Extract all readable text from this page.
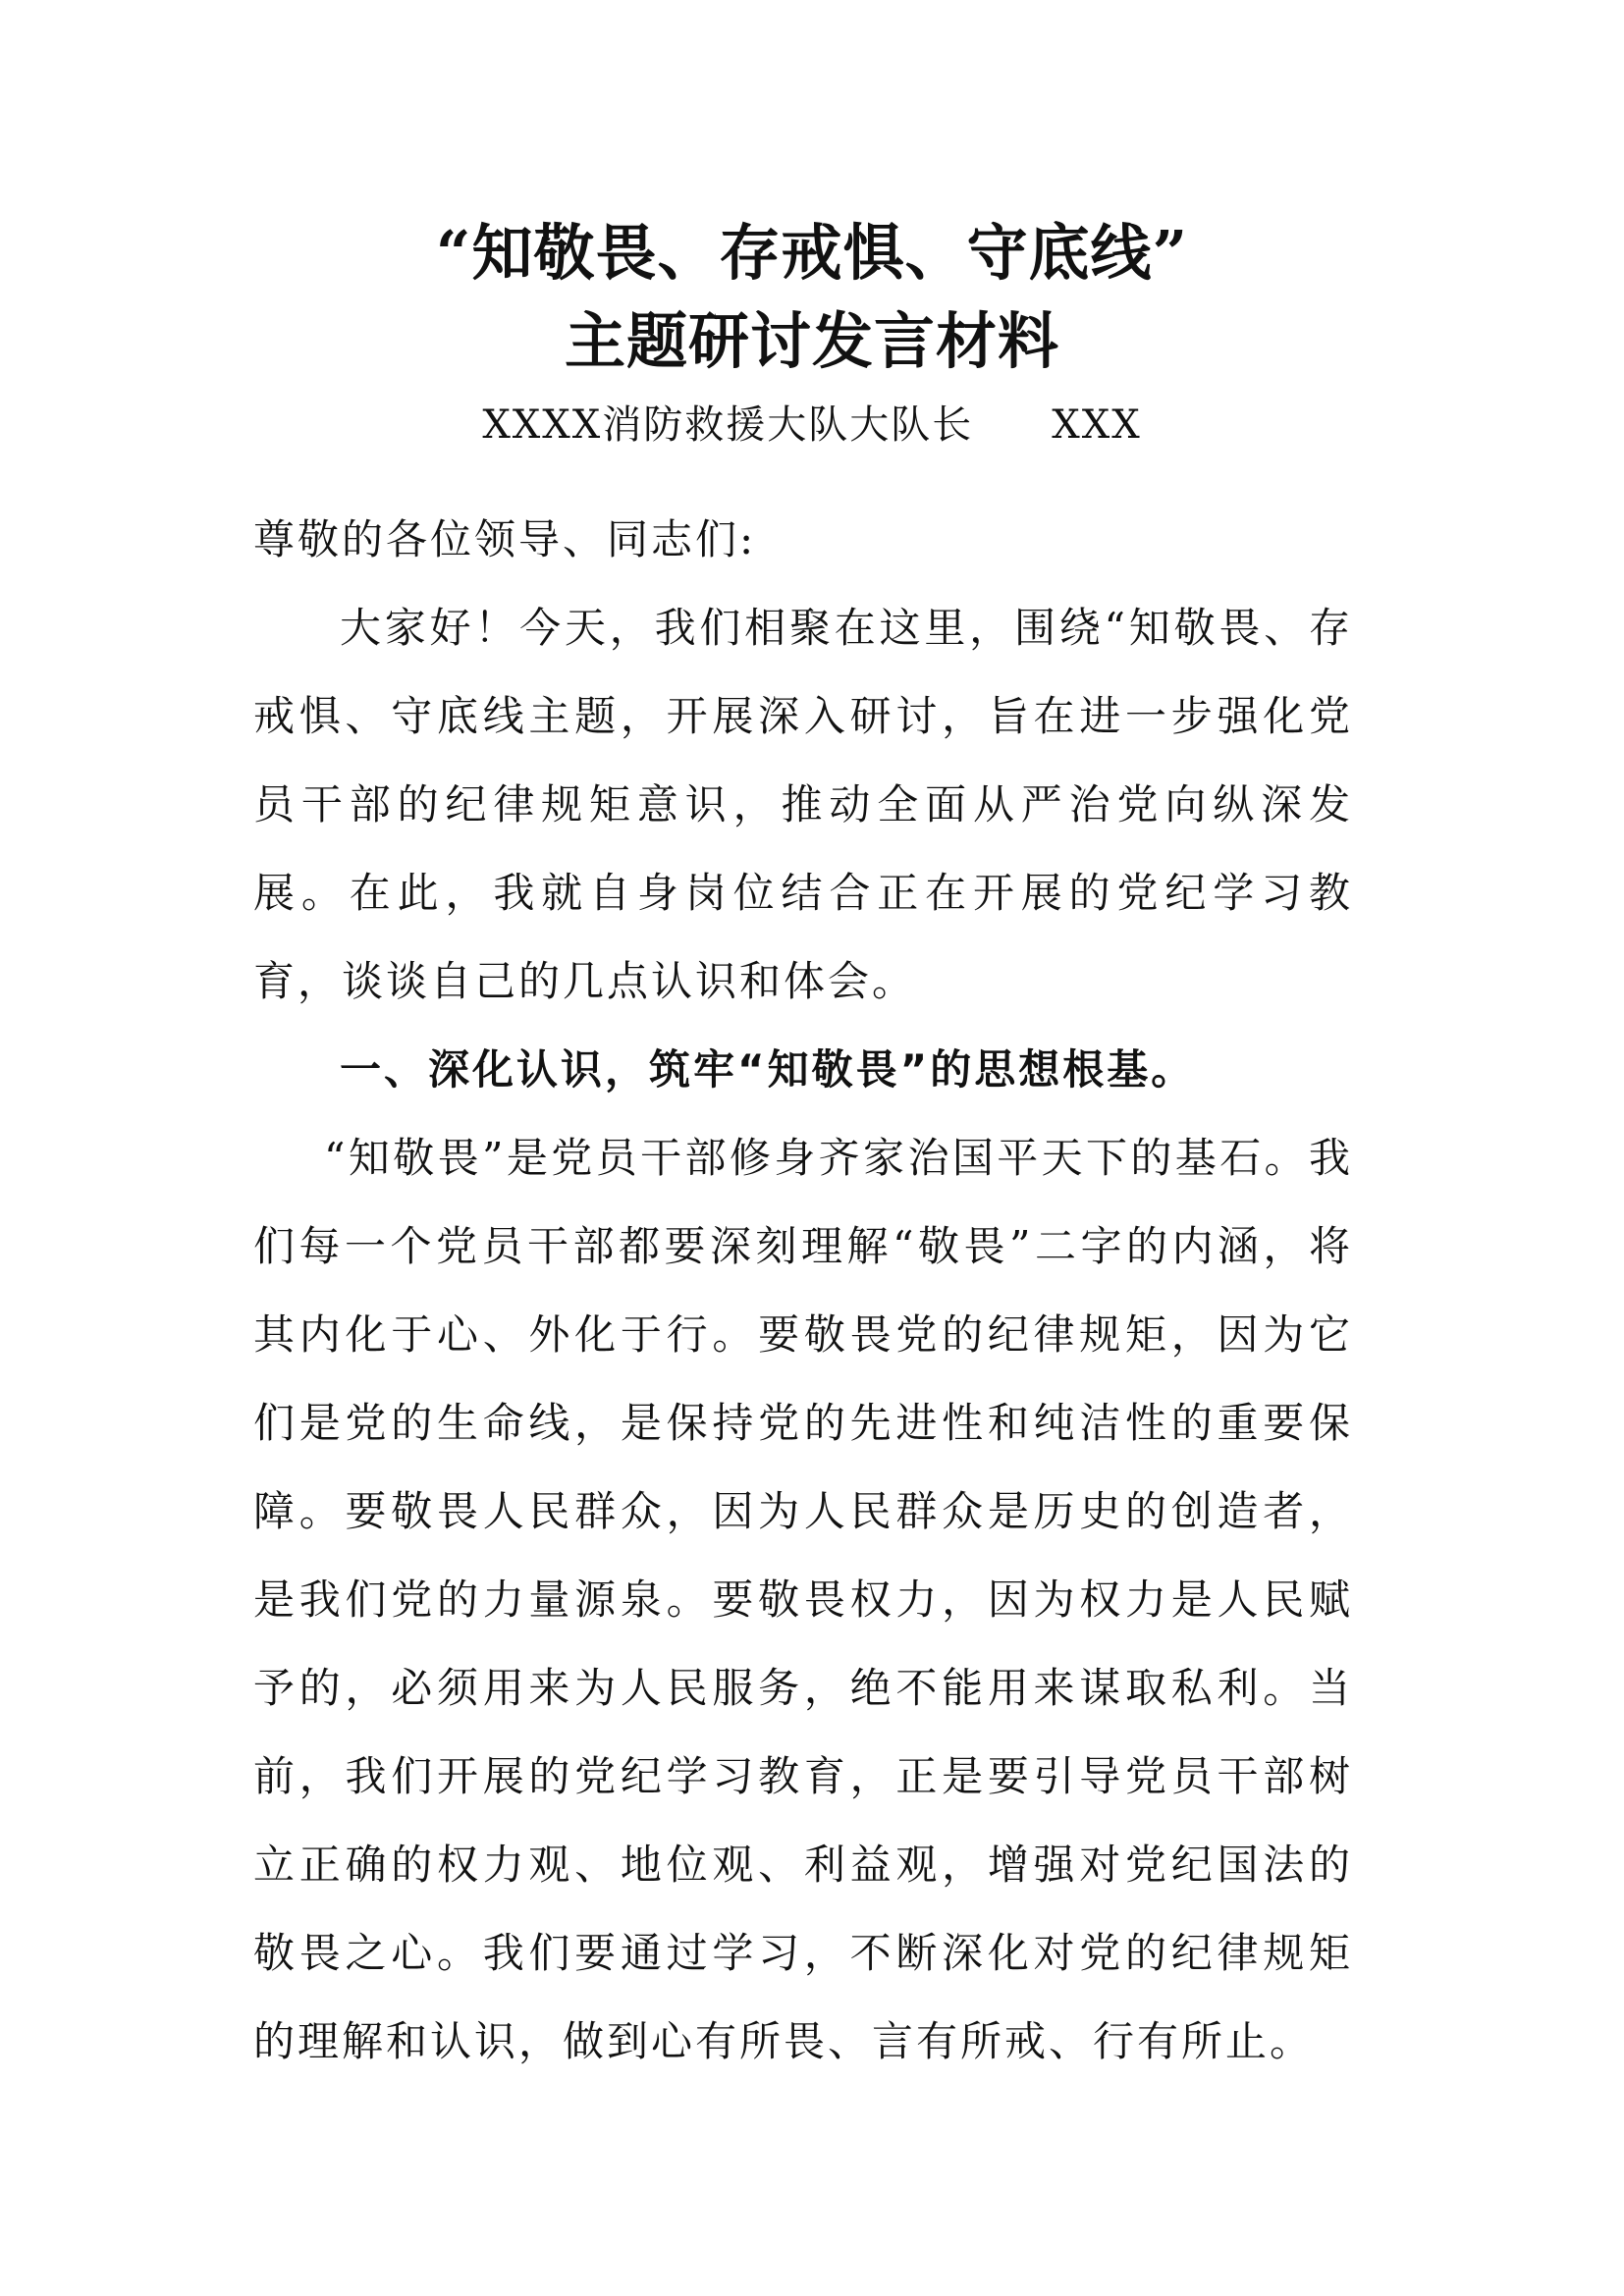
“知敬畏、存戒惧、守底线”
主题研讨发言材料
XXXX消防救援大队大队长 XXX

尊敬的各位领导、同志们:

大家好！今天，我们相聚在这里，围绕“知敬畏、存戒惧、守底线主题，开展深入研讨，旨在进一步强化党员干部的纪律规矩意识，推动全面从严治党向纵深发展。在此，我就自身岗位结合正在开展的党纪学习教育，谈谈自己的几点认识和体会。

一、深化认识，筑牢“知敬畏”的思想根基。

“知敬畏”是党员干部修身齐家治国平天下的基石。我们每一个党员干部都要深刻理解“敬畏”二字的内涵，将其内化于心、外化于行。要敬畏党的纪律规矩，因为它们是党的生命线，是保持党的先进性和纯洁性的重要保障。要敬畏人民群众，因为人民群众是历史的创造者，是我们党的力量源泉。要敬畏权力，因为权力是人民赋予的，必须用来为人民服务，绝不能用来谋取私利。当前，我们开展的党纪学习教育，正是要引导党员干部树立正确的权力观、地位观、利益观，增强对党纪国法的敬畏之心。我们要通过学习，不断深化对党的纪律规矩的理解和认识，做到心有所畏、言有所戒、行有所止。
